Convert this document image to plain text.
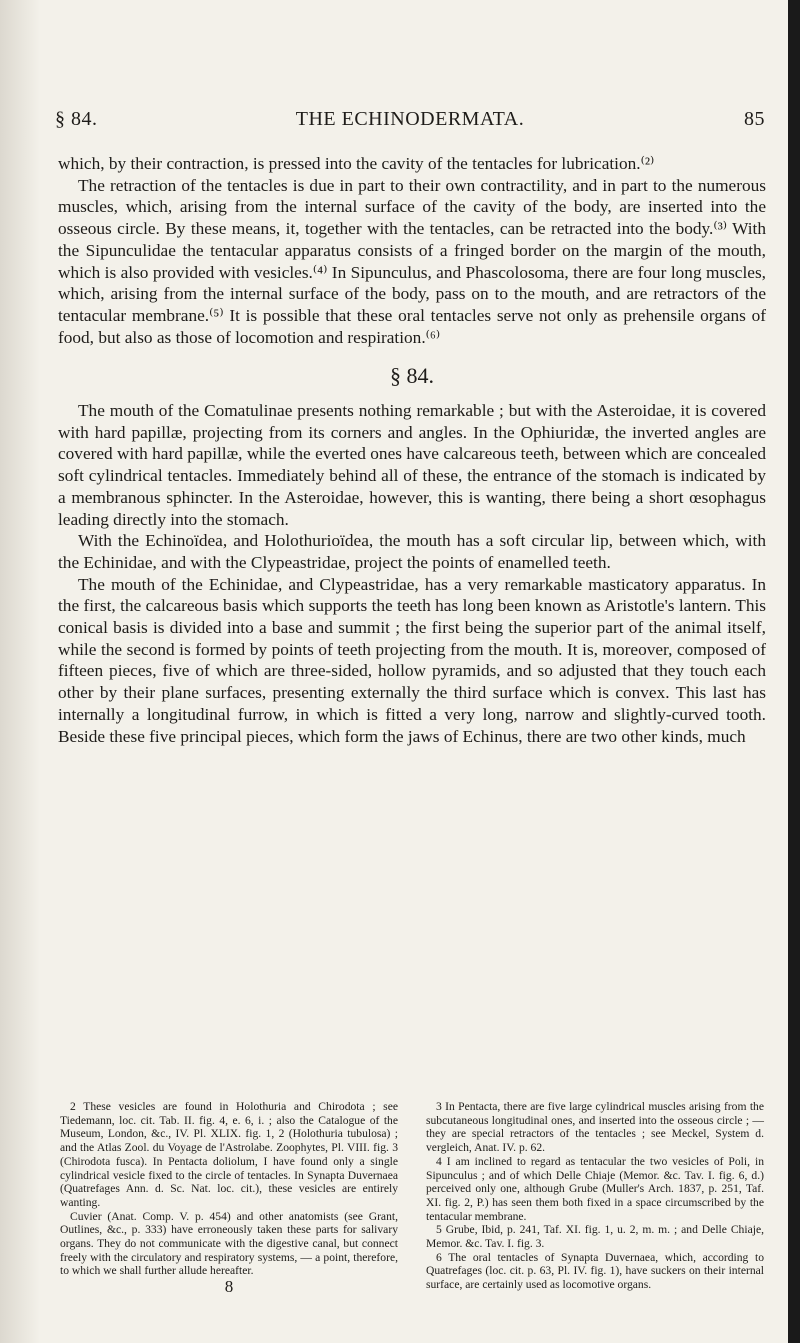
§ 84.	THE ECHINODERMATA.	85

which, by their contraction, is pressed into the cavity of the tentacles for lubrication.⁽²⁾

The retraction of the tentacles is due in part to their own contractility, and in part to the numerous muscles, which, arising from the internal surface of the cavity of the body, are inserted into the osseous circle. By these means, it, together with the tentacles, can be retracted into the body.⁽³⁾ With the Sipunculidae the tentacular apparatus consists of a fringed border on the margin of the mouth, which is also provided with vesicles.⁽⁴⁾ In Sipunculus, and Phascolosoma, there are four long muscles, which, arising from the internal surface of the body, pass on to the mouth, and are retractors of the tentacular membrane.⁽⁵⁾ It is possible that these oral tentacles serve not only as prehensile organs of food, but also as those of locomotion and respiration.⁽⁶⁾

§ 84.

The mouth of the Comatulinae presents nothing remarkable ; but with the Asteroidae, it is covered with hard papillæ, projecting from its corners and angles. In the Ophiuridæ, the inverted angles are covered with hard papillæ, while the everted ones have calcareous teeth, between which are concealed soft cylindrical tentacles. Immediately behind all of these, the entrance of the stomach is indicated by a membranous sphincter. In the Asteroidae, however, this is wanting, there being a short œsophagus leading directly into the stomach.

With the Echinoïdea, and Holothurioïdea, the mouth has a soft circular lip, between which, with the Echinidae, and with the Clypeastridae, project the points of enamelled teeth.

The mouth of the Echinidae, and Clypeastridae, has a very remarkable masticatory apparatus. In the first, the calcareous basis which supports the teeth has long been known as Aristotle's lantern. This conical basis is divided into a base and summit ; the first being the superior part of the animal itself, while the second is formed by points of teeth projecting from the mouth. It is, moreover, composed of fifteen pieces, five of which are three-sided, hollow pyramids, and so adjusted that they touch each other by their plane surfaces, presenting externally the third surface which is convex. This last has internally a longitudinal furrow, in which is fitted a very long, narrow and slightly-curved tooth. Beside these five principal pieces, which form the jaws of Echinus, there are two other kinds, much

2 These vesicles are found in Holothuria and Chirodota ; see Tiedemann, loc. cit. Tab. II. fig. 4, e. 6, i. ; also the Catalogue of the Museum, London, &c., IV. Pl. XLIX. fig. 1, 2 (Holothuria tubulosa) ; and the Atlas Zool. du Voyage de l'Astrolabe. Zoophytes, Pl. VIII. fig. 3 (Chirodota fusca). In Pentacta doliolum, I have found only a single cylindrical vesicle fixed to the circle of tentacles. In Synapta Duvernaea (Quatrefages Ann. d. Sc. Nat. loc. cit.), these vesicles are entirely wanting.

Cuvier (Anat. Comp. V. p. 454) and other anatomists (see Grant, Outlines, &c., p. 333) have erroneously taken these parts for salivary organs. They do not communicate with the digestive canal, but connect freely with the circulatory and respiratory systems, — a point, therefore, to which we shall further allude hereafter.

8

3 In Pentacta, there are five large cylindrical muscles arising from the subcutaneous longitudinal ones, and inserted into the osseous circle ; — they are special retractors of the tentacles ; see Meckel, System d. vergleich, Anat. IV. p. 62.

4 I am inclined to regard as tentacular the two vesicles of Poli, in Sipunculus ; and of which Delle Chiaje (Memor. &c. Tav. I. fig. 6, d.) perceived only one, although Grube (Muller's Arch. 1837, p. 251, Taf. XI. fig. 2, P.) has seen them both fixed in a space circumscribed by the tentacular membrane.

5 Grube, Ibid, p. 241, Taf. XI. fig. 1, u. 2, m. m. ; and Delle Chiaje, Memor. &c. Tav. I. fig. 3.

6 The oral tentacles of Synapta Duvernaea, which, according to Quatrefages (loc. cit. p. 63, Pl. IV. fig. 1), have suckers on their internal surface, are certainly used as locomotive organs.
